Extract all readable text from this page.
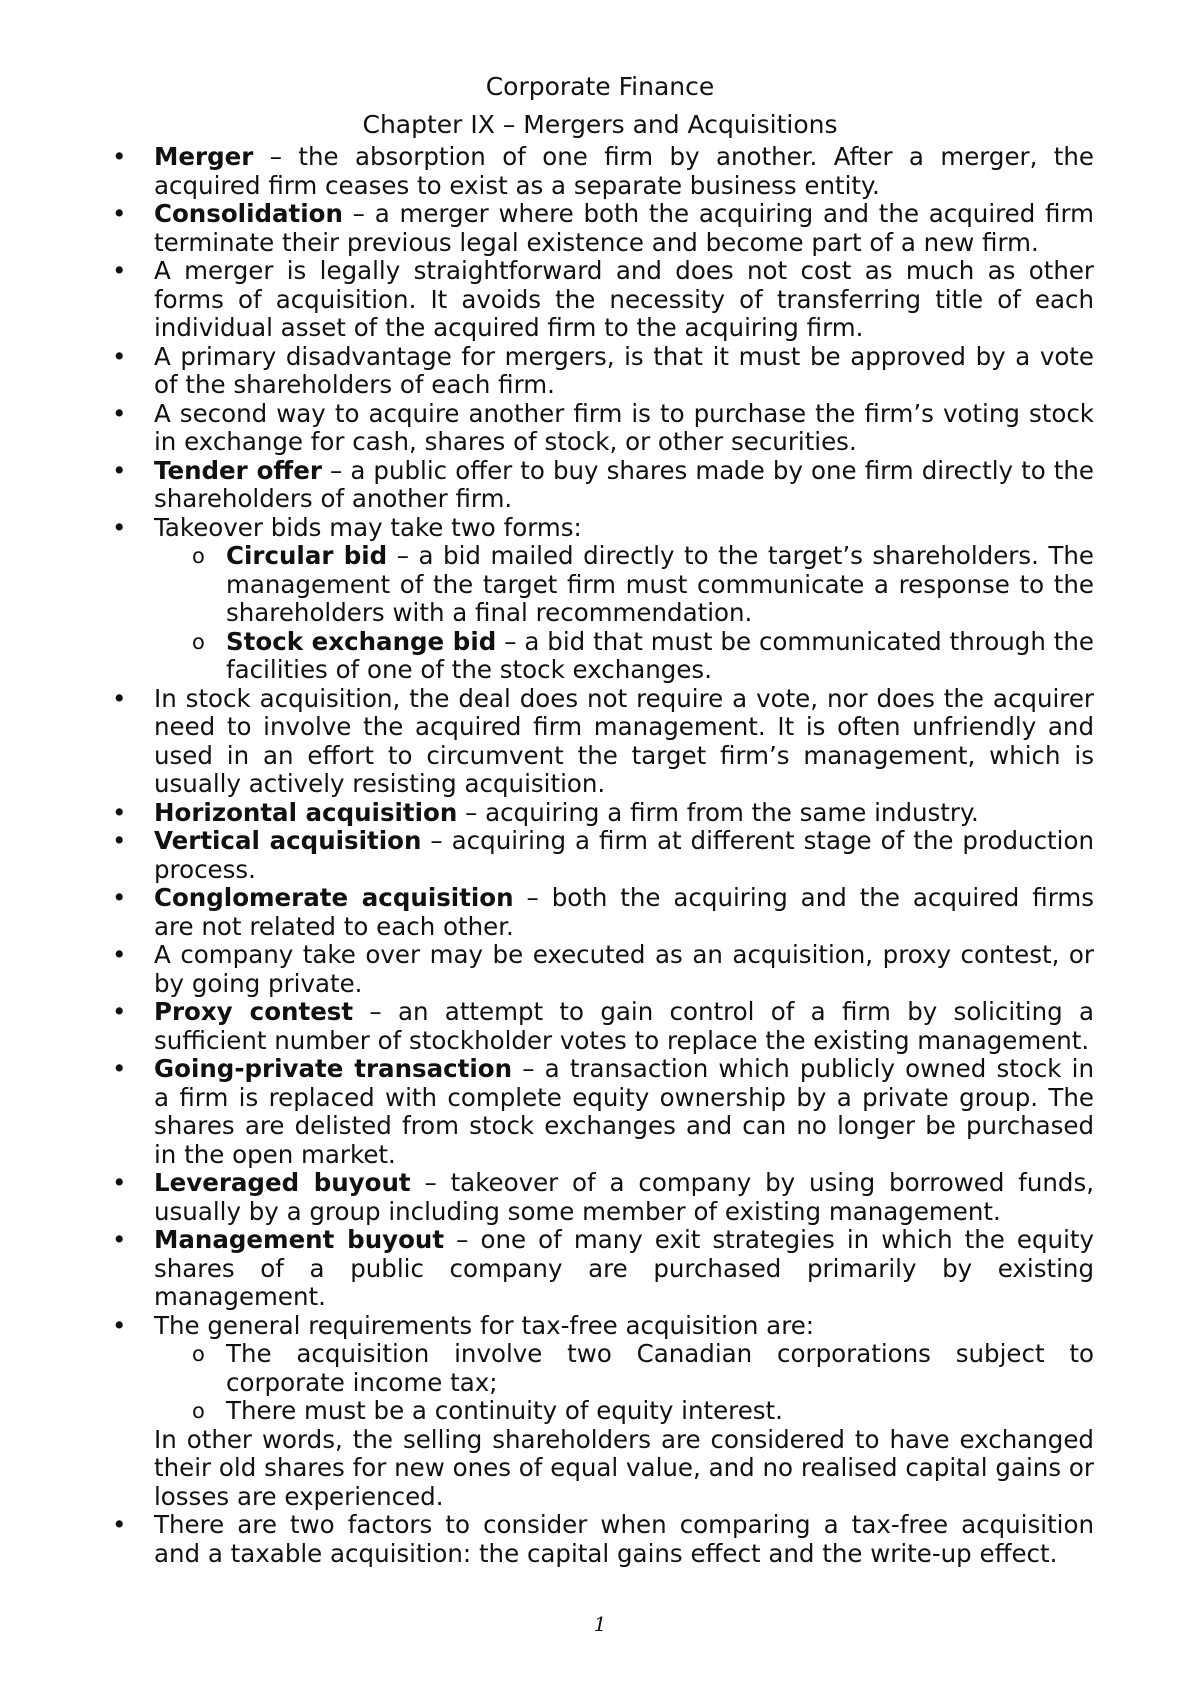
Corporate Finance
Chapter IX – Mergers and Acquisitions
• Merger – the absorption of one firm by another. After a merger, the acquired firm ceases to exist as a separate business entity.
• Consolidation – a merger where both the acquiring and the acquired firm terminate their previous legal existence and become part of a new firm.
• A merger is legally straightforward and does not cost as much as other forms of acquisition. It avoids the necessity of transferring title of each individual asset of the acquired firm to the acquiring firm.
• A primary disadvantage for mergers, is that it must be approved by a vote of the shareholders of each firm.
• A second way to acquire another firm is to purchase the firm’s voting stock in exchange for cash, shares of stock, or other securities.
• Tender offer – a public offer to buy shares made by one firm directly to the shareholders of another firm.
• Takeover bids may take two forms:
o Circular bid – a bid mailed directly to the target’s shareholders. The management of the target firm must communicate a response to the shareholders with a final recommendation.
o Stock exchange bid – a bid that must be communicated through the facilities of one of the stock exchanges.
• In stock acquisition, the deal does not require a vote, nor does the acquirer need to involve the acquired firm management. It is often unfriendly and used in an effort to circumvent the target firm’s management, which is usually actively resisting acquisition.
• Horizontal acquisition – acquiring a firm from the same industry.
• Vertical acquisition – acquiring a firm at different stage of the production process.
• Conglomerate acquisition – both the acquiring and the acquired firms are not related to each other.
• A company take over may be executed as an acquisition, proxy contest, or by going private.
• Proxy contest – an attempt to gain control of a firm by soliciting a sufficient number of stockholder votes to replace the existing management.
• Going-private transaction – a transaction which publicly owned stock in a firm is replaced with complete equity ownership by a private group. The shares are delisted from stock exchanges and can no longer be purchased in the open market.
• Leveraged buyout – takeover of a company by using borrowed funds, usually by a group including some member of existing management.
• Management buyout – one of many exit strategies in which the equity shares of a public company are purchased primarily by existing management.
• The general requirements for tax-free acquisition are:
o The acquisition involve two Canadian corporations subject to corporate income tax;
o There must be a continuity of equity interest.
In other words, the selling shareholders are considered to have exchanged their old shares for new ones of equal value, and no realised capital gains or losses are experienced.
• There are two factors to consider when comparing a tax-free acquisition and a taxable acquisition: the capital gains effect and the write-up effect.
1
